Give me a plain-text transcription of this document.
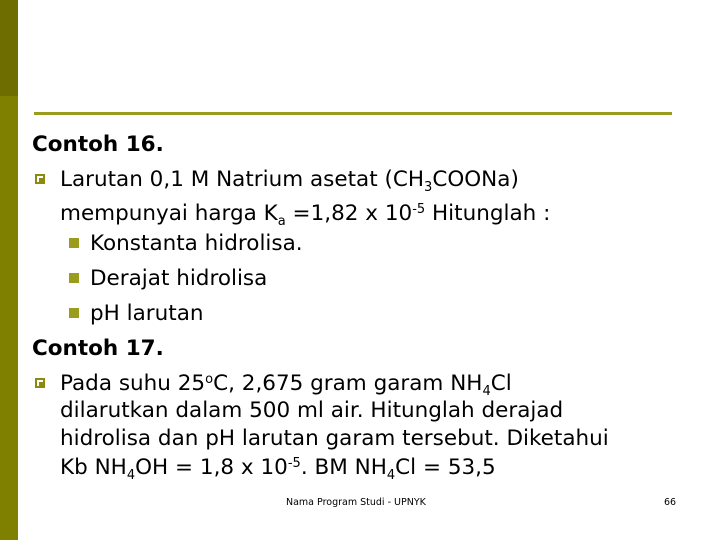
Contoh 16.
Larutan 0,1 M Natrium asetat $(CH_3COONa)$
mempunyai harga $K_a =1,82$ x $10^{-5}$ Hitunglah :
Konstanta hidrolisa.
Derajat hidrolisa
pH larutan
Contoh 17.
Pada suhu 25$^o$C, 2,675 gram garam $NH_4Cl$
dilarutkan dalam 500 ml air. Hitunglah derajad
hidrolisa dan pH larutan garam tersebut. Diketahui
Kb $NH_4OH = 1,8$ x $10^{-5}$. BM $NH_4Cl = 53,5$
Nama Program Studi - UPNYK	66
